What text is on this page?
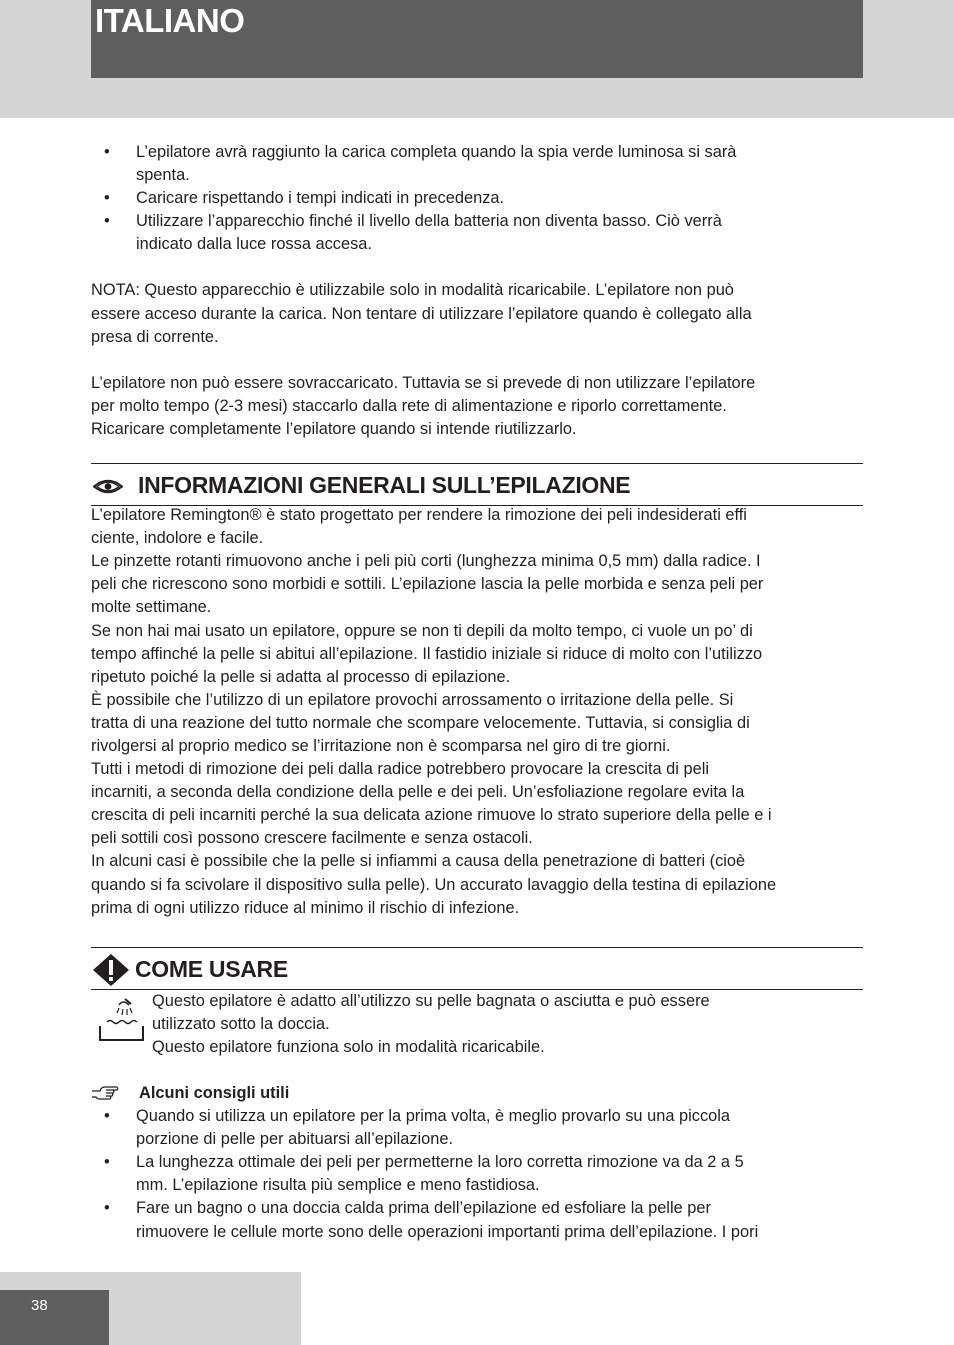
ITALIANO
• L’epilatore avrà raggiunto la carica completa quando la spia verde luminosa si sarà
spenta.
• Caricare rispettando i tempi indicati in precedenza.
• Utilizzare l’apparecchio finché il livello della batteria non diventa basso. Ciò verrà
indicato dalla luce rossa accesa.

NOTA: Questo apparecchio è utilizzabile solo in modalità ricaricabile. L’epilatore non può
essere acceso durante la carica. Non tentare di utilizzare l’epilatore quando è collegato alla
presa di corrente.

L’epilatore non può essere sovraccaricato. Tuttavia se si prevede di non utilizzare l’epilatore
per molto tempo (2-3 mesi) staccarlo dalla rete di alimentazione e riporlo correttamente.
Ricaricare completamente l’epilatore quando si intende riutilizzarlo.

INFORMAZIONI GENERALI SULL’EPILAZIONE

L’epilatore Remington® è stato progettato per rendere la rimozione dei peli indesiderati effi
ciente, indolore e facile.
Le pinzette rotanti rimuovono anche i peli più corti (lunghezza minima 0,5 mm) dalla radice. I
peli che ricrescono sono morbidi e sottili. L’epilazione lascia la pelle morbida e senza peli per
molte settimane.
Se non hai mai usato un epilatore, oppure se non ti depili da molto tempo, ci vuole un po’ di
tempo affinché la pelle si abitui all’epilazione. Il fastidio iniziale si riduce di molto con l’utilizzo
ripetuto poiché la pelle si adatta al processo di epilazione.
È possibile che l’utilizzo di un epilatore provochi arrossamento o irritazione della pelle. Si
tratta di una reazione del tutto normale che scompare velocemente. Tuttavia, si consiglia di
rivolgersi al proprio medico se l’irritazione non è scomparsa nel giro di tre giorni.
Tutti i metodi di rimozione dei peli dalla radice potrebbero provocare la crescita di peli
incarniti, a seconda della condizione della pelle e dei peli. Un’esfoliazione regolare evita la
crescita di peli incarniti perché la sua delicata azione rimuove lo strato superiore della pelle e i
peli sottili così possono crescere facilmente e senza ostacoli.
In alcuni casi è possibile che la pelle si infiammi a causa della penetrazione di batteri (cioè
quando si fa scivolare il dispositivo sulla pelle). Un accurato lavaggio della testina di epilazione
prima di ogni utilizzo riduce al minimo il rischio di infezione.

COME USARE
Questo epilatore è adatto all’utilizzo su pelle bagnata o asciutta e può essere
utilizzato sotto la doccia.
Questo epilatore funziona solo in modalità ricaricabile.
Alcuni consigli utili
• Quando si utilizza un epilatore per la prima volta, è meglio provarlo su una piccola
porzione di pelle per abituarsi all’epilazione.
• La lunghezza ottimale dei peli per permetterne la loro corretta rimozione va da 2 a 5
mm. L’epilazione risulta più semplice e meno fastidiosa.
• Fare un bagno o una doccia calda prima dell’epilazione ed esfoliare la pelle per
rimuovere le cellule morte sono delle operazioni importanti prima dell’epilazione. I pori
38
